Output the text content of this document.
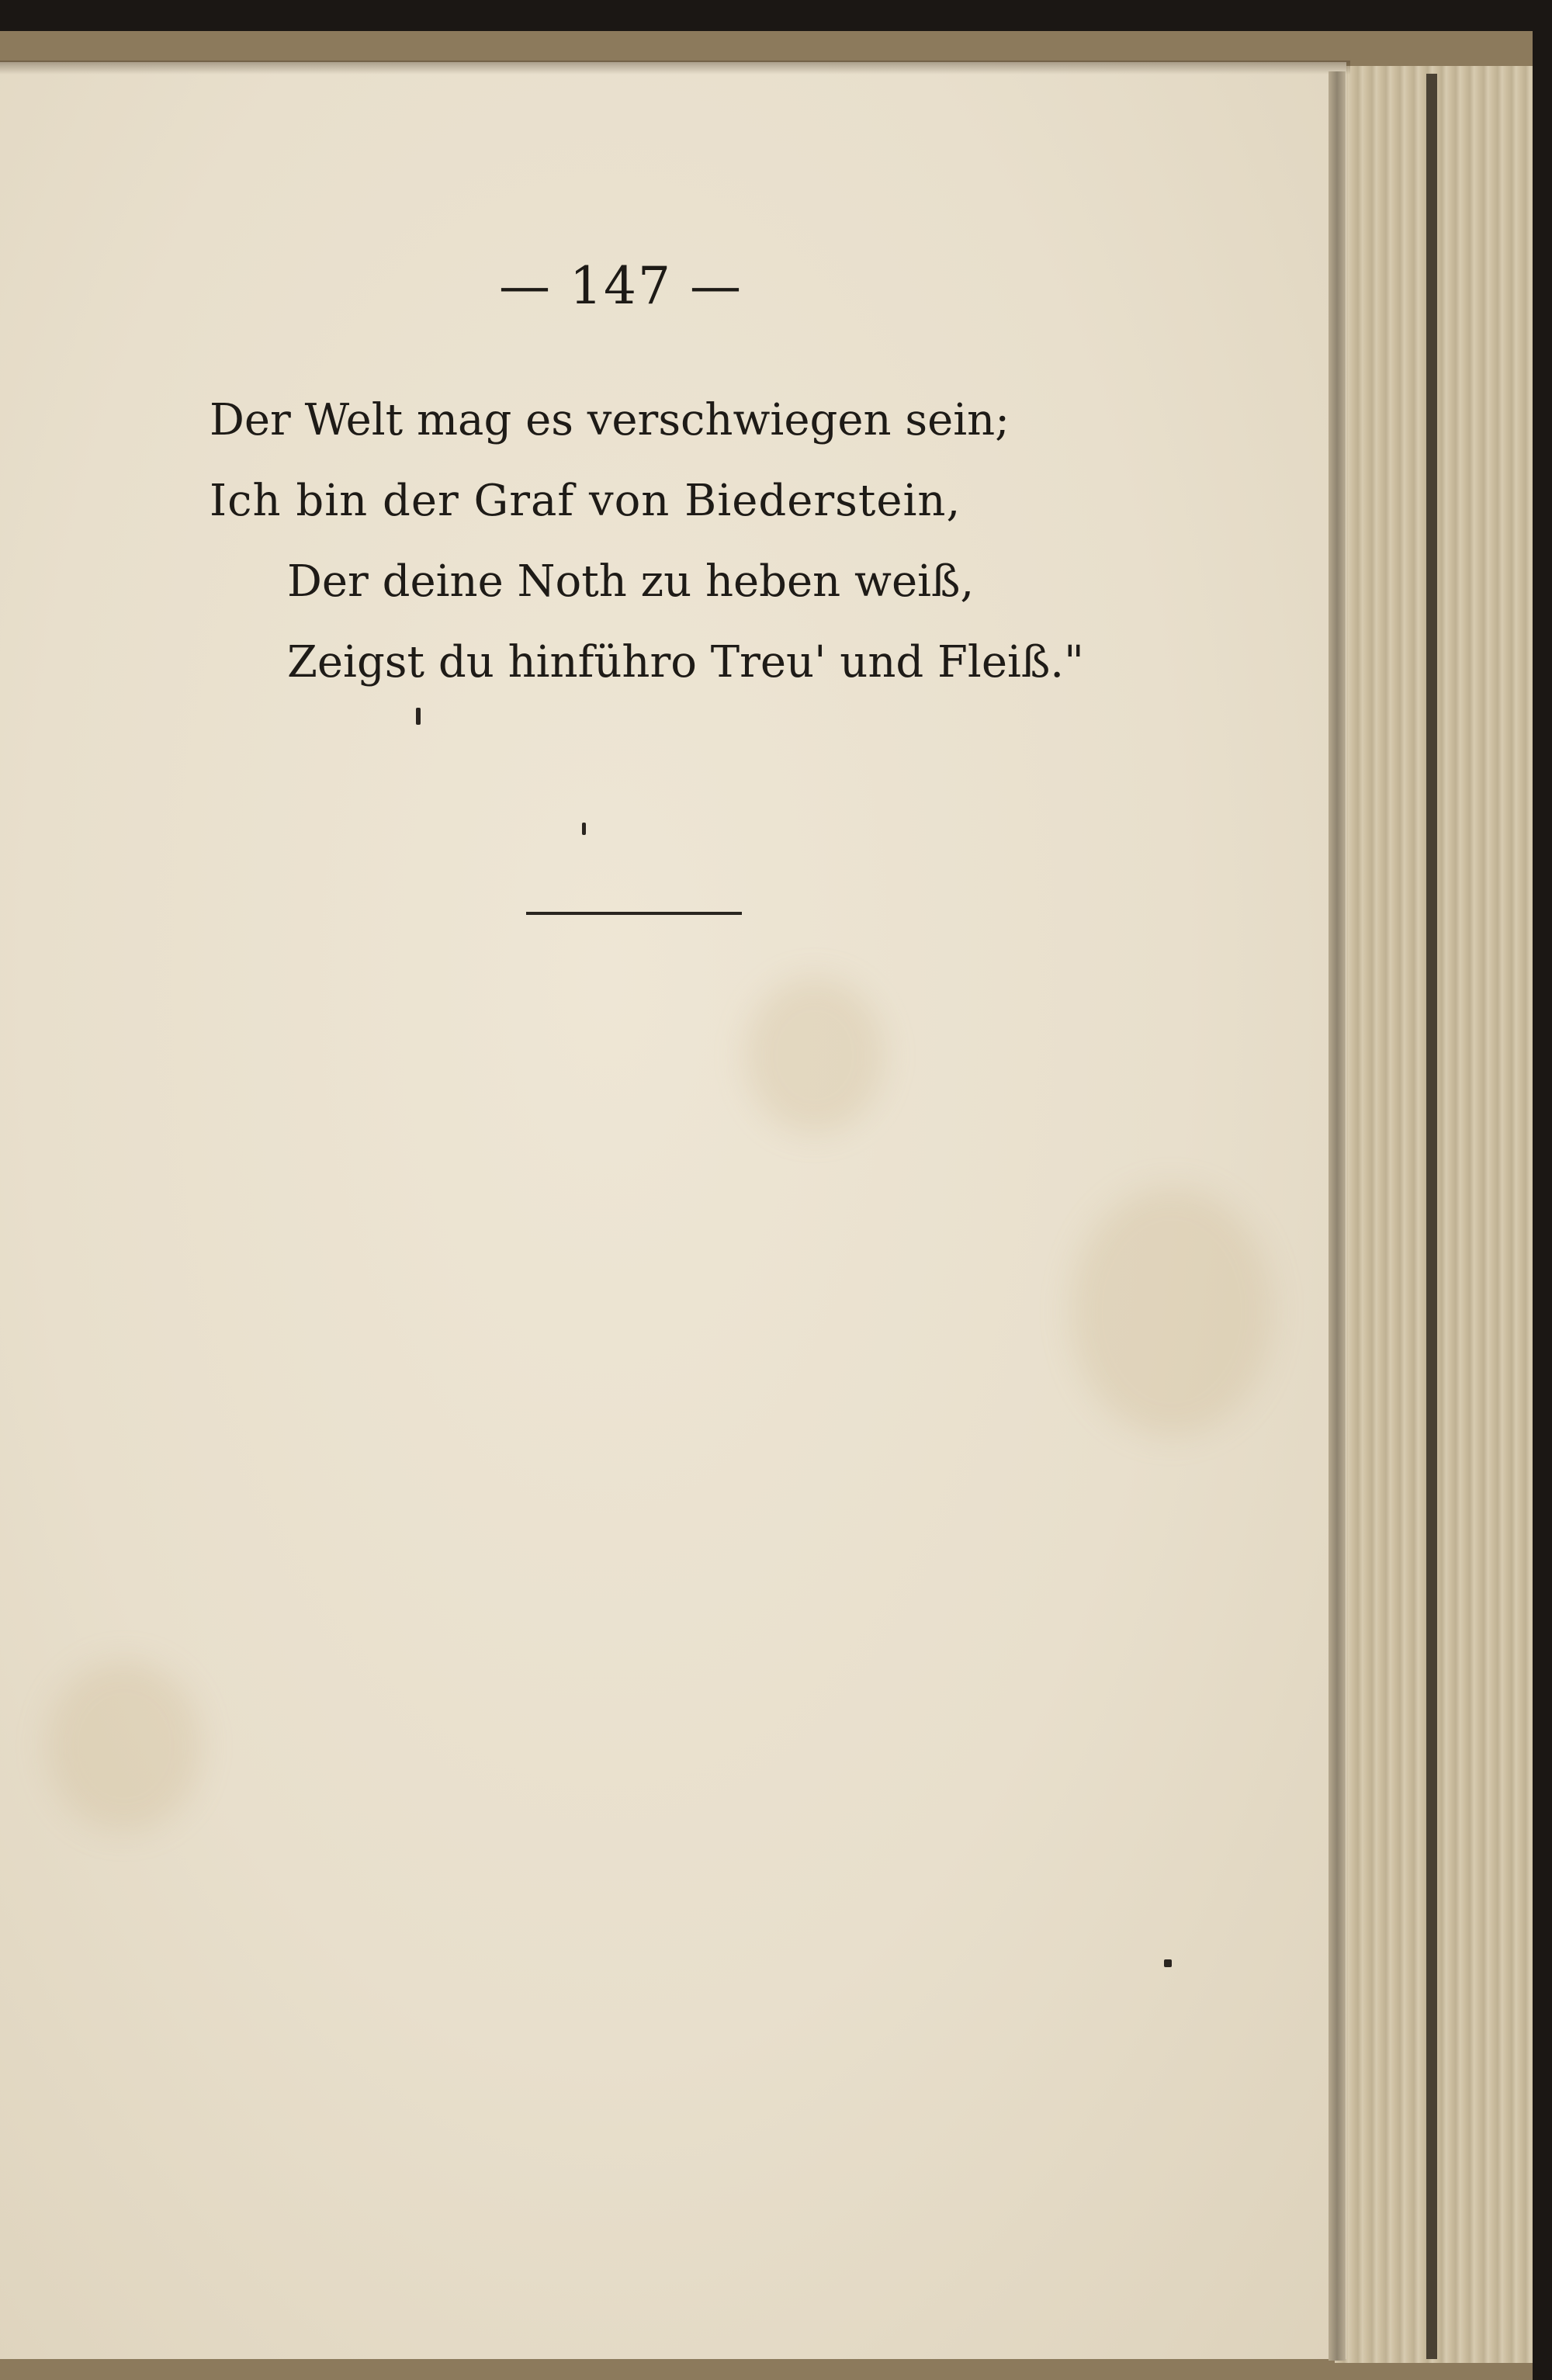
— 147 —
Der Welt mag es verschwiegen sein;
Ich bin der Graf von Biederstein,
Der deine Noth zu heben weiß,
Zeigst du hinführo Treu' und Fleiß."
